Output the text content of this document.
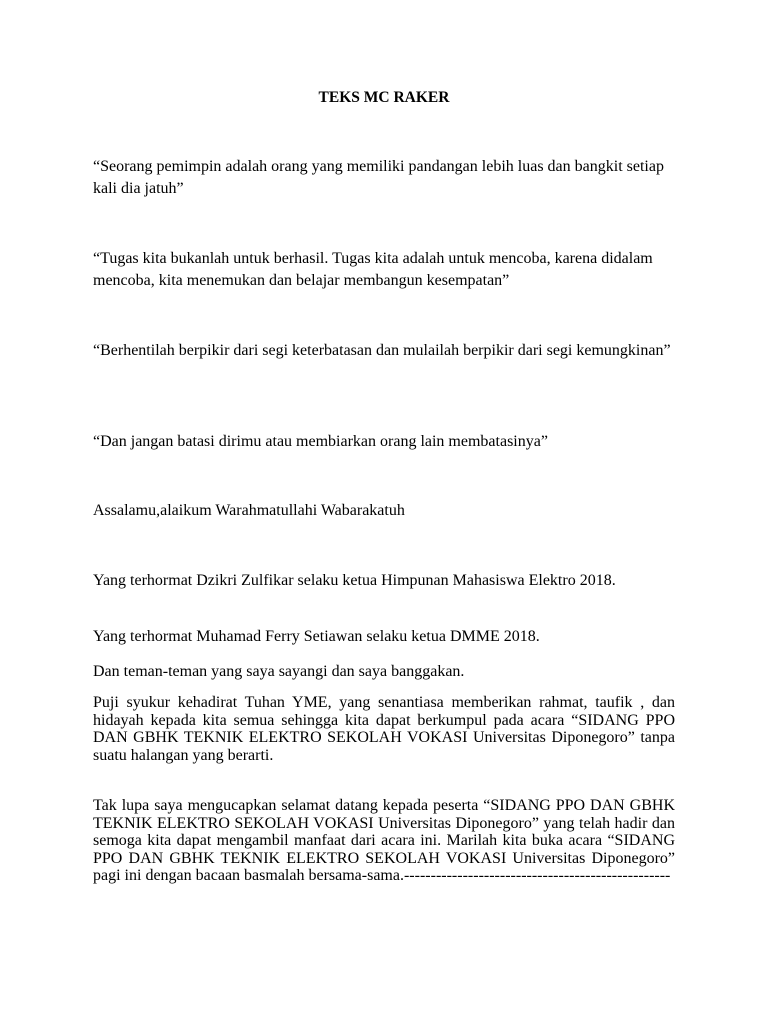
TEKS MC RAKER

“Seorang pemimpin adalah orang yang memiliki pandangan lebih luas dan bangkit setiap kali dia jatuh”

“Tugas kita bukanlah untuk berhasil. Tugas kita adalah untuk mencoba, karena didalam mencoba, kita menemukan dan belajar membangun kesempatan”

“Berhentilah berpikir dari segi keterbatasan dan mulailah berpikir dari segi kemungkinan”

“Dan jangan batasi dirimu atau membiarkan orang lain membatasinya”

Assalamu,alaikum Warahmatullahi Wabarakatuh

Yang terhormat Dzikri Zulfikar selaku ketua Himpunan Mahasiswa Elektro 2018.

Yang terhormat Muhamad Ferry Setiawan selaku ketua DMME 2018.

Dan teman-teman yang saya sayangi dan saya banggakan.

Puji syukur kehadirat Tuhan YME, yang senantiasa memberikan rahmat, taufik , dan hidayah kepada kita semua sehingga kita dapat berkumpul pada acara “SIDANG PPO DAN GBHK TEKNIK ELEKTRO SEKOLAH VOKASI Universitas Diponegoro” tanpa suatu halangan yang berarti.

Tak lupa saya mengucapkan selamat datang kepada peserta “SIDANG PPO DAN GBHK TEKNIK ELEKTRO SEKOLAH VOKASI Universitas Diponegoro” yang telah hadir dan semoga kita dapat mengambil manfaat dari acara ini. Marilah kita buka acara “SIDANG PPO DAN GBHK TEKNIK ELEKTRO SEKOLAH VOKASI Universitas Diponegoro” pagi ini dengan bacaan basmalah bersama-sama.--------------------------------------------------
